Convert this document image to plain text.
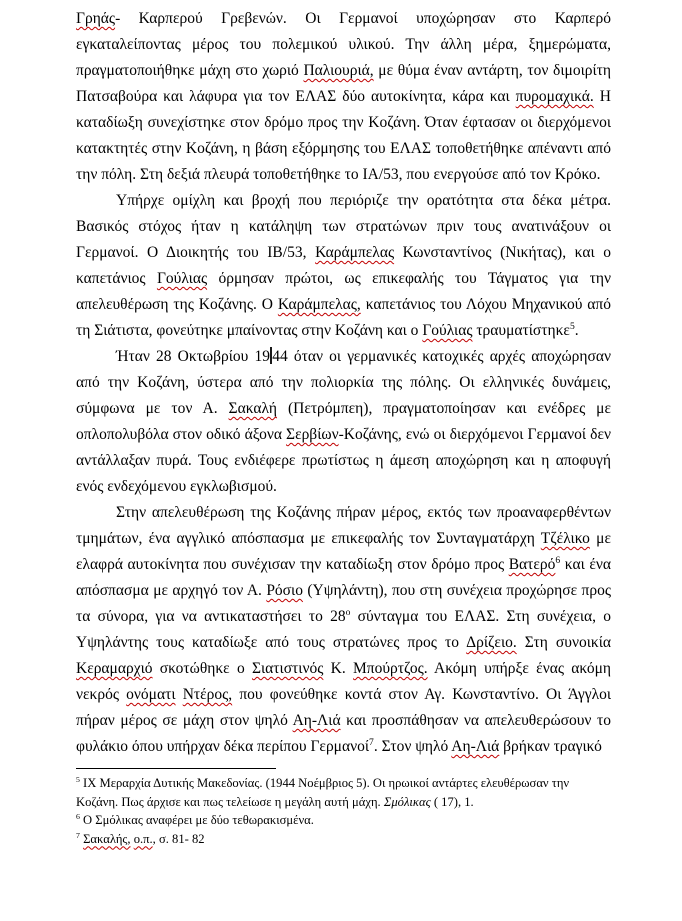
Γρηάς- Καρπερού Γρεβενών. Οι Γερμανοί υποχώρησαν στο Καρπερό εγκαταλείποντας μέρος του πολεμικού υλικού. Την άλλη μέρα, ξημερώματα, πραγματοποιήθηκε μάχη στο χωριό Παλιουριά, με θύμα έναν αντάρτη, τον διμοιρίτη Πατσαβούρα και λάφυρα για τον ΕΛΑΣ δύο αυτοκίνητα, κάρα και πυρομαχικά. Η καταδίωξη συνεχίστηκε στον δρόμο προς την Κοζάνη. Όταν έφτασαν οι διερχόμενοι κατακτητές στην Κοζάνη, η βάση εξόρμησης του ΕΛΑΣ τοποθετήθηκε απέναντι από την πόλη. Στη δεξιά πλευρά τοποθετήθηκε το ΙΑ/53, που ενεργούσε από τον Κρόκο.

Υπήρχε ομίχλη και βροχή που περιόριζε την ορατότητα στα δέκα μέτρα. Βασικός στόχος ήταν η κατάληψη των στρατώνων πριν τους ανατινάξουν οι Γερμανοί. Ο Διοικητής του ΙΒ/53, Καράμπελας Κωνσταντίνος (Νικήτας), και ο καπετάνιος Γούλιας όρμησαν πρώτοι, ως επικεφαλής του Τάγματος για την απελευθέρωση της Κοζάνης. Ο Καράμπελας, καπετάνιος του Λόχου Μηχανικού από τη Σιάτιστα, φονεύτηκε μπαίνοντας στην Κοζάνη και ο Γούλιας τραυματίστηκε$^5$.

Ήταν 28 Οκτωβρίου 19 44 όταν οι γερμανικές κατοχικές αρχές αποχώρησαν από την Κοζάνη, ύστερα από την πολιορκία της πόλης. Οι ελληνικές δυνάμεις, σύμφωνα με τον Α. Σακαλή (Πετρόμπεη), πραγματοποίησαν και ενέδρες με οπλοπολυβόλα στον οδικό άξονα Σερβίων-Κοζάνης, ενώ οι διερχόμενοι Γερμανοί δεν αντάλλαξαν πυρά. Τους ενδιέφερε πρωτίστως η άμεση αποχώρηση και η αποφυγή ενός ενδεχόμενου εγκλωβισμού.

Στην απελευθέρωση της Κοζάνης πήραν μέρος, εκτός των προαναφερθέντων τμημάτων, ένα αγγλικό απόσπασμα με επικεφαλής τον Συνταγματάρχη Τζέλικο με ελαφρά αυτοκίνητα που συνέχισαν την καταδίωξη στον δρόμο προς Βατερό$^6$ και ένα απόσπασμα με αρχηγό τον Α. Ρόσιο (Υψηλάντη), που στη συνέχεια προχώρησε προς τα σύνορα, για να αντικαταστήσει το 28$^o$ σύνταγμα του ΕΛΑΣ. Στη συνέχεια, ο Υψηλάντης τους καταδίωξε από τους στρατώνες προς το Δρίζειο. Στη συνοικία Κεραμαρχιό σκοτώθηκε ο Σιατιστινός Κ. Μπούρτζος. Ακόμη υπήρξε ένας ακόμη νεκρός ονόματι Ντέρος, που φονεύθηκε κοντά στον Αγ. Κωνσταντίνο. Οι Άγγλοι πήραν μέρος σε μάχη στον ψηλό Αη-Λιά και προσπάθησαν να απελευθερώσουν το φυλάκιο όπου υπήρχαν δέκα περίπου Γερμανοί$^7$. Στον ψηλό Αη-Λιά βρήκαν τραγικό

$^5$ ΙΧ Μεραρχία Δυτικής Μακεδονίας. (1944 Νοέμβριος 5). Οι ηρωικοί αντάρτες ελευθέρωσαν την Κοζάνη. Πως άρχισε και πως τελείωσε η μεγάλη αυτή μάχη. Σμόλικας ( 17), 1.

$^6$ Ο Σμόλικας αναφέρει με δύο τεθωρακισμένα.

$^7$ Σακαλής, ο.π., σ. 81- 82
